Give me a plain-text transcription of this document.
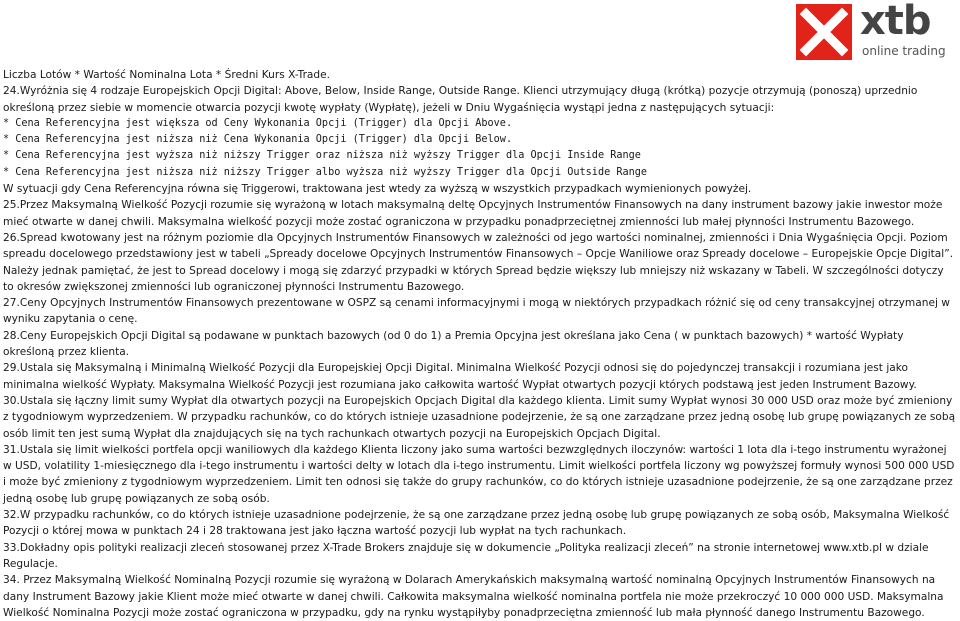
xtb
online trading

Liczba Lotów * Wartość Nominalna Lota * Średni Kurs X-Trade.

24.Wyróżnia się 4 rodzaje Europejskich Opcji Digital: Above, Below, Inside Range, Outside Range. Klienci utrzymujący długą (krótką) pozycje otrzymują (ponoszą) uprzednio określoną przez siebie w momencie otwarcia pozycji kwotę wypłaty (Wypłatę), jeżeli w Dniu Wygaśnięcia wystąpi jedna z następujących sytuacji:

* Cena Referencyjna jest większa od Ceny Wykonania Opcji (Trigger) dla Opcji Above.

* Cena Referencyjna jest niższa niż Cena Wykonania Opcji (Trigger) dla Opcji Below.

* Cena Referencyjna jest wyższa niż niższy Trigger oraz niższa niż wyższy Trigger dla Opcji Inside Range

* Cena Referencyjna jest niższa niż niższy Trigger albo wyższa niż wyższy Trigger dla Opcji Outside Range

W sytuacji gdy Cena Referencyjna równa się Triggerowi, traktowana jest wtedy za wyższą w wszystkich przypadkach wymienionych powyżej.

25.Przez Maksymalną Wielkość Pozycji rozumie się wyrażoną w lotach maksymalną deltę Opcyjnych Instrumentów Finansowych na dany instrument bazowy jakie inwestor może mieć otwarte w danej chwili. Maksymalna wielkość pozycji może zostać ograniczona w przypadku ponadprzeciętnej zmienności lub małej płynności Instrumentu Bazowego.

26.Spread kwotowany jest na różnym poziomie dla Opcyjnych Instrumentów Finansowych w zależności od jego wartości nominalnej, zmienności i Dnia Wygaśnięcia Opcji. Poziom spreadu docelowego przedstawiony jest w tabeli „Spready docelowe Opcyjnych Instrumentów Finansowych – Opcje Waniliowe oraz Spready docelowe – Europejskie Opcje Digital”. Należy jednak pamiętać, że jest to Spread docelowy i mogą się zdarzyć przypadki w których Spread będzie większy lub mniejszy niż wskazany w Tabeli. W szczególności dotyczy to okresów zwiększonej zmienności lub ograniczonej płynności Instrumentu Bazowego.

27.Ceny Opcyjnych Instrumentów Finansowych prezentowane w OSPZ są cenami informacyjnymi i mogą w niektórych przypadkach różnić się od ceny transakcyjnej otrzymanej w wyniku zapytania o cenę.

28.Ceny Europejskich Opcji Digital są podawane w punktach bazowych (od 0 do 1) a Premia Opcyjna jest określana jako Cena ( w punktach bazowych) * wartość Wypłaty określoną przez klienta.

29.Ustala się Maksymalną i Minimalną Wielkość Pozycji dla Europejskiej Opcji Digital. Minimalna Wielkość Pozycji odnosi się do pojedynczej transakcji i rozumiana jest jako minimalna wielkość Wypłaty. Maksymalna Wielkość Pozycji jest rozumiana jako całkowita wartość Wypłat otwartych pozycji których podstawą jest jeden Instrument Bazowy.

30.Ustala się łączny limit sumy Wypłat dla otwartych pozycji na Europejskich Opcjach Digital dla każdego klienta. Limit sumy Wypłat wynosi 30 000 USD oraz może być zmieniony z tygodniowym wyprzedzeniem. W przypadku rachunków, co do których istnieje uzasadnione podejrzenie, że są one zarządzane przez jedną osobę lub grupę powiązanych ze sobą osób limit ten jest sumą Wypłat dla znajdujących się na tych rachunkach otwartych pozycji na Europejskich Opcjach Digital.

31.Ustala się limit wielkości portfela opcji waniliowych dla każdego Klienta liczony jako suma wartości bezwzględnych iloczynów: wartości 1 lota dla i-tego instrumentu wyrażonej w USD, volatility 1-miesięcznego dla i-tego instrumentu i wartości delty w lotach dla i-tego instrumentu. Limit wielkości portfela liczony wg powyższej formuły wynosi 500 000 USD i może być zmieniony z tygodniowym wyprzedzeniem. Limit ten odnosi się także do grupy rachunków, co do których istnieje uzasadnione podejrzenie, że są one zarządzane przez jedną osobę lub grupę powiązanych ze sobą osób.

32.W przypadku rachunków, co do których istnieje uzasadnione podejrzenie, że są one zarządzane przez jedną osobę lub grupę powiązanych ze sobą osób, Maksymalna Wielkość Pozycji o której mowa w punktach 24 i 28 traktowana jest jako łączna wartość pozycji lub wypłat na tych rachunkach.

33.Dokładny opis polityki realizacji zleceń stosowanej przez X-Trade Brokers znajduje się w dokumencie „Polityka realizacji zleceń” na stronie internetowej www.xtb.pl w dziale Regulacje.

34. Przez Maksymalną Wielkość Nominalną Pozycji rozumie się wyrażoną w Dolarach Amerykańskich maksymalną wartość nominalną Opcyjnych Instrumentów Finansowych na dany Instrument Bazowy jakie Klient może mieć otwarte w danej chwili. Całkowita maksymalna wielkość nominalna portfela nie może przekroczyć 10 000 000 USD. Maksymalna Wielkość Nominalna Pozycji może zostać ograniczona w przypadku, gdy na rynku wystąpiłyby ponadprzeciętna zmienność lub mała płynność danego Instrumentu Bazowego.
